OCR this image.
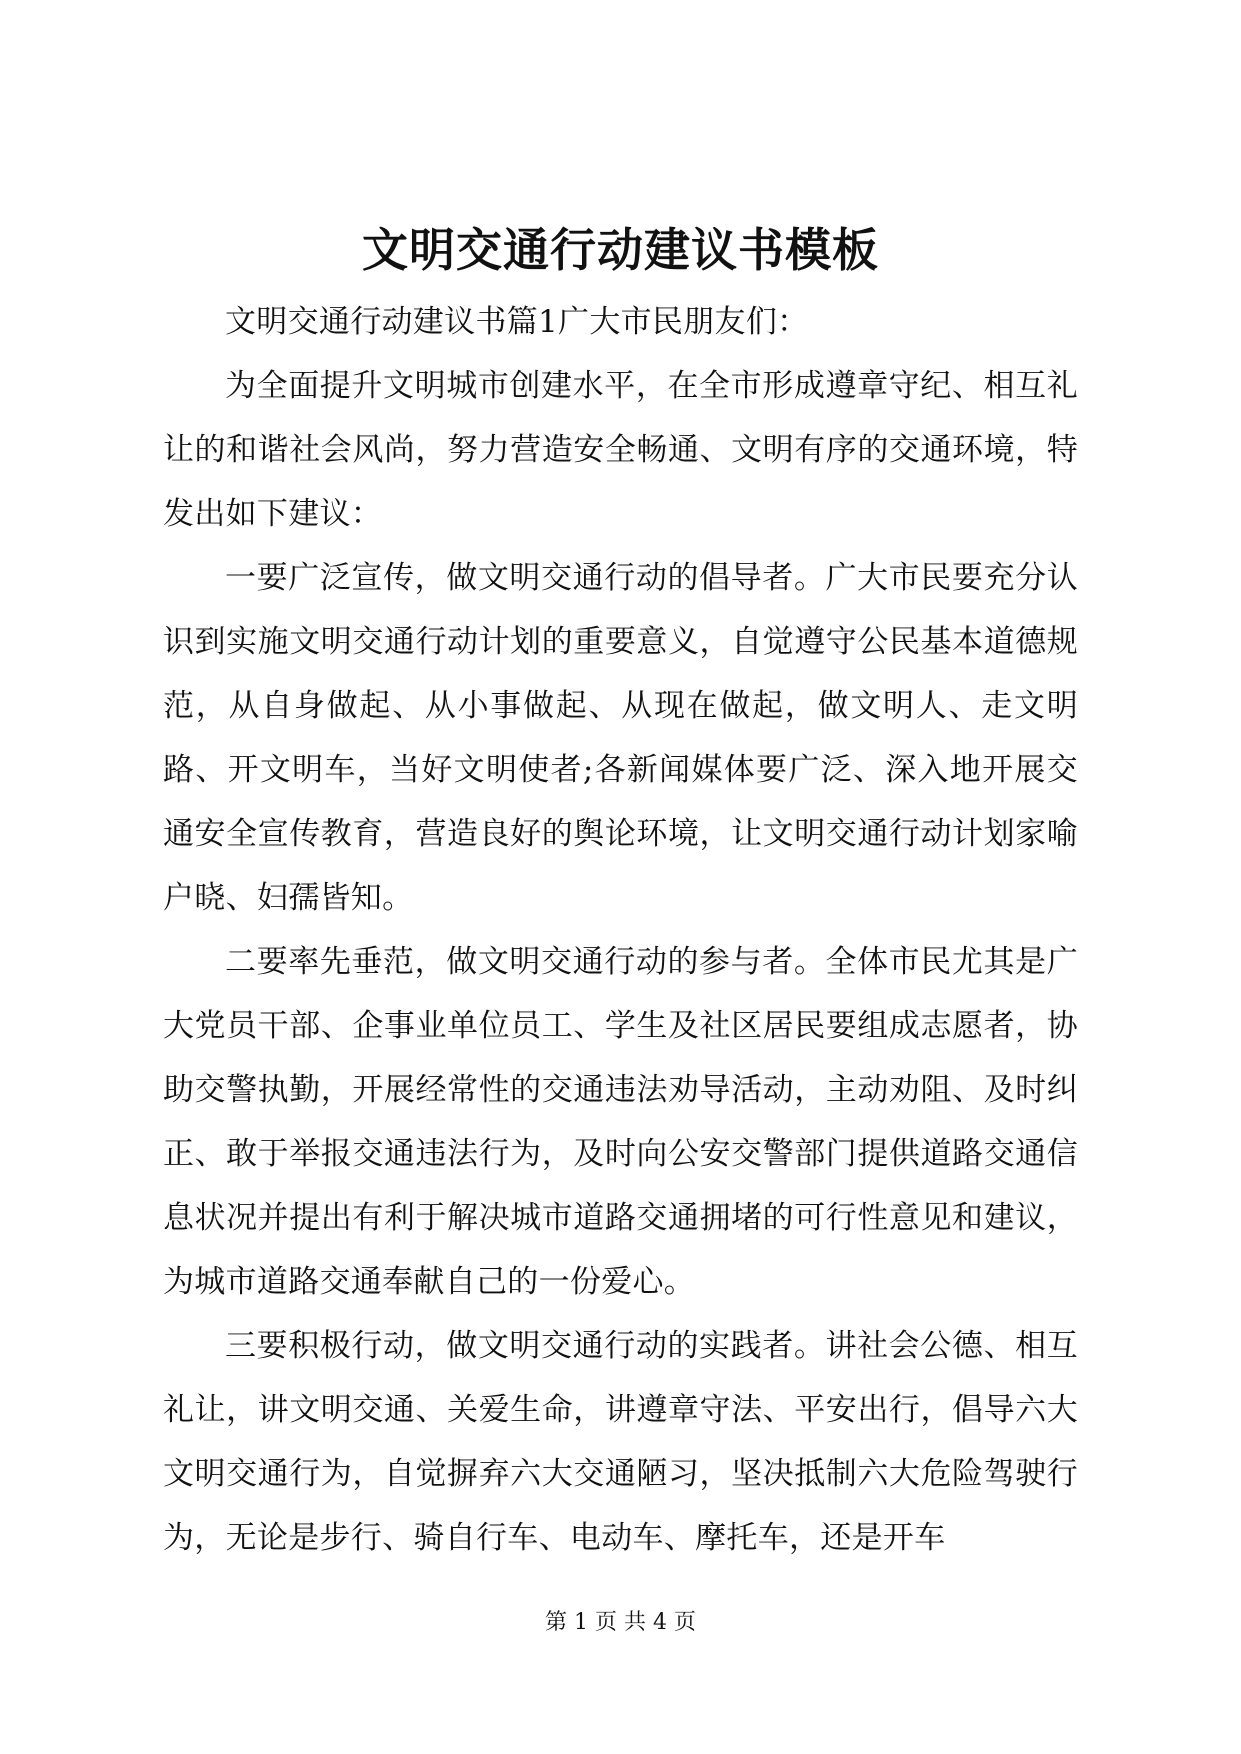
文明交通行动建议书模板

文明交通行动建议书篇1广大市民朋友们：

为全面提升文明城市创建水平，在全市形成遵章守纪、相互礼让的和谐社会风尚，努力营造安全畅通、文明有序的交通环境，特发出如下建议：

一要广泛宣传，做文明交通行动的倡导者。广大市民要充分认识到实施文明交通行动计划的重要意义，自觉遵守公民基本道德规范，从自身做起、从小事做起、从现在做起，做文明人、走文明路、开文明车，当好文明使者;各新闻媒体要广泛、深入地开展交通安全宣传教育，营造良好的舆论环境，让文明交通行动计划家喻户晓、妇孺皆知。

二要率先垂范，做文明交通行动的参与者。全体市民尤其是广大党员干部、企事业单位员工、学生及社区居民要组成志愿者，协助交警执勤，开展经常性的交通违法劝导活动，主动劝阻、及时纠正、敢于举报交通违法行为，及时向公安交警部门提供道路交通信息状况并提出有利于解决城市道路交通拥堵的可行性意见和建议，为城市道路交通奉献自己的一份爱心。

三要积极行动，做文明交通行动的实践者。讲社会公德、相互礼让，讲文明交通、关爱生命，讲遵章守法、平安出行，倡导六大文明交通行为，自觉摒弃六大交通陋习，坚决抵制六大危险驾驶行为，无论是步行、骑自行车、电动车、摩托车，还是开车

第 1 页 共 4 页
